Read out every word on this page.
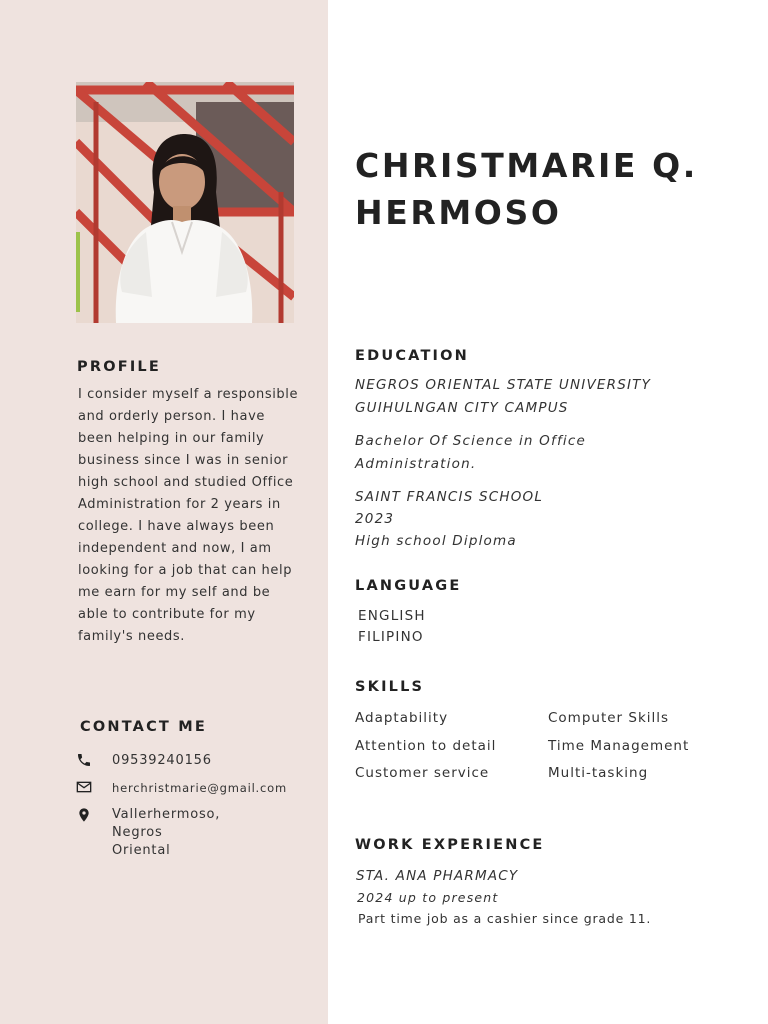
PROFILE
I consider myself a responsible and orderly person. I have been helping in our family business since I was in senior high school and studied Office Administration for 2 years in college. I have always been independent and now, I am looking for a job that can help me earn for my self and be able to contribute for my family's needs.
CONTACT ME
09539240156
herchristmarie@gmail.com
Vallerhermoso, Negros
Oriental
CHRISTMARIE Q.
HERMOSO
EDUCATION
NEGROS ORIENTAL STATE UNIVERSITY
GUIHULNGAN CITY CAMPUS
Bachelor Of Science in Office
Administration.
SAINT FRANCIS SCHOOL
2023
High school Diploma
LANGUAGE
ENGLISH
FILIPINO
SKILLS
Adaptability
Attention to detail
Customer service
Computer Skills
Time Management
Multi-tasking
WORK EXPERIENCE
STA. ANA PHARMACY
2024 up to present
Part time job as a cashier since grade 11.
